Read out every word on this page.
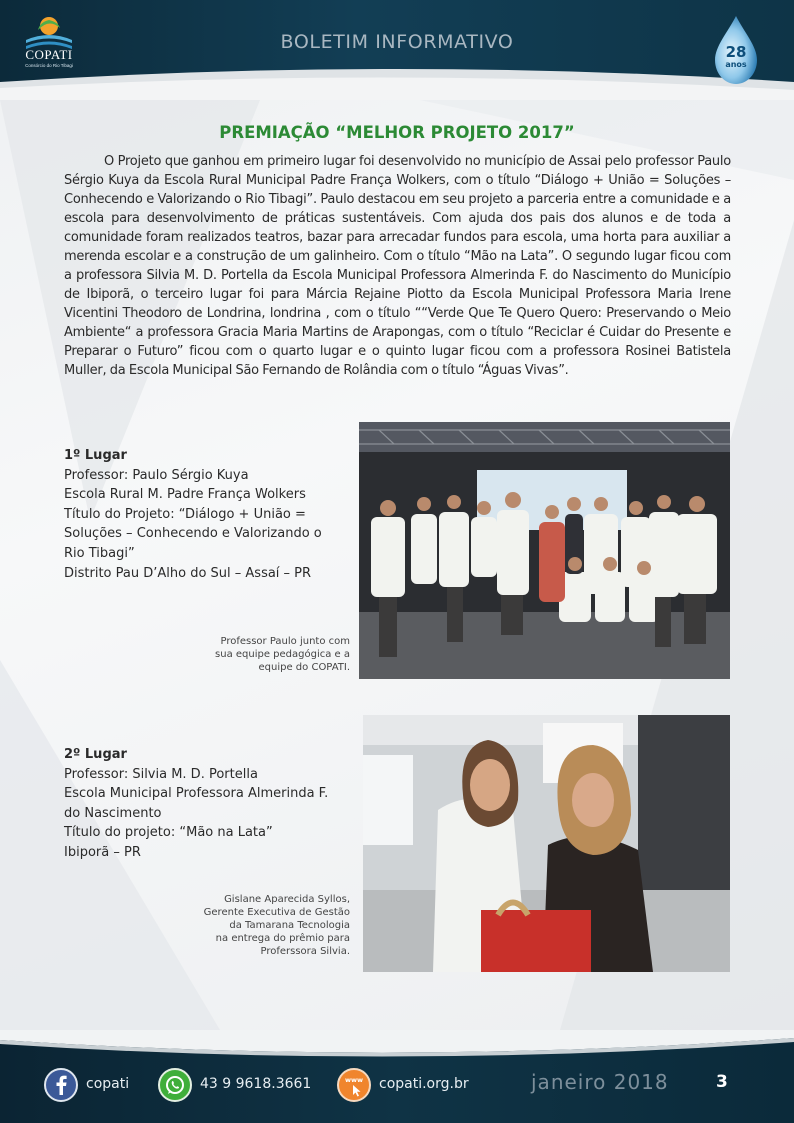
COPATI
Consórcio do Rio Tibagi
BOLETIM INFORMATIVO	28
anos
PREMIAÇÃO “MELHOR PROJETO 2017”

O Projeto que ganhou em primeiro lugar foi desenvolvido no município de Assai pelo professor Paulo Sérgio Kuya da Escola Rural Municipal Padre França Wolkers, com o título “Diálogo + União = Soluções – Conhecendo e Valorizando o Rio Tibagi”. Paulo destacou em seu projeto a parceria entre a comunidade e a escola para desenvolvimento de práticas sustentáveis. Com ajuda dos pais dos alunos e de toda a comunidade foram realizados teatros, bazar para arrecadar fundos para escola, uma horta para auxiliar a merenda escolar e a construção de um galinheiro. Com o título “Mão na Lata”. O segundo lugar ficou com a professora Silvia M. D. Portella da Escola Municipal Professora Almerinda F. do Nascimento do Município de Ibiporã, o terceiro lugar foi para Márcia Rejaine Piotto da Escola Municipal Professora Maria Irene Vicentini Theodoro de Londrina, londrina , com o título ““Verde Que Te Quero Quero: Preservando o Meio Ambiente“ a professora Gracia Maria Martins de Arapongas, com o título “Reciclar é Cuidar do Presente e Preparar o Futuro” ficou com o quarto lugar e o quinto lugar ficou com a professora Rosinei Batistela Muller, da Escola Municipal São Fernando de Rolândia com o título “Águas Vivas”.

1º Lugar
Professor: Paulo Sérgio Kuya
Escola Rural M. Padre França Wolkers
Título do Projeto: “Diálogo + União =
Soluções – Conhecendo e Valorizando o
Rio Tibagi”
Distrito Pau D’Alho do Sul – Assaí – PR
Professor Paulo junto com
sua equipe pedagógica e a
equipe do COPATI.
2º Lugar
Professor: Silvia M. D. Portella
Escola Municipal Professora Almerinda F.
do Nascimento
Título do projeto: “Mão na Lata”
Ibiporã – PR
Gislane Aparecida Syllos,
Gerente Executiva de Gestão
da Tamarana Tecnologia
na entrega do prêmio para
Proferssora Silvia.
copati	43 9 9618.3661	www copati.org.br	janeiro 2018	3
